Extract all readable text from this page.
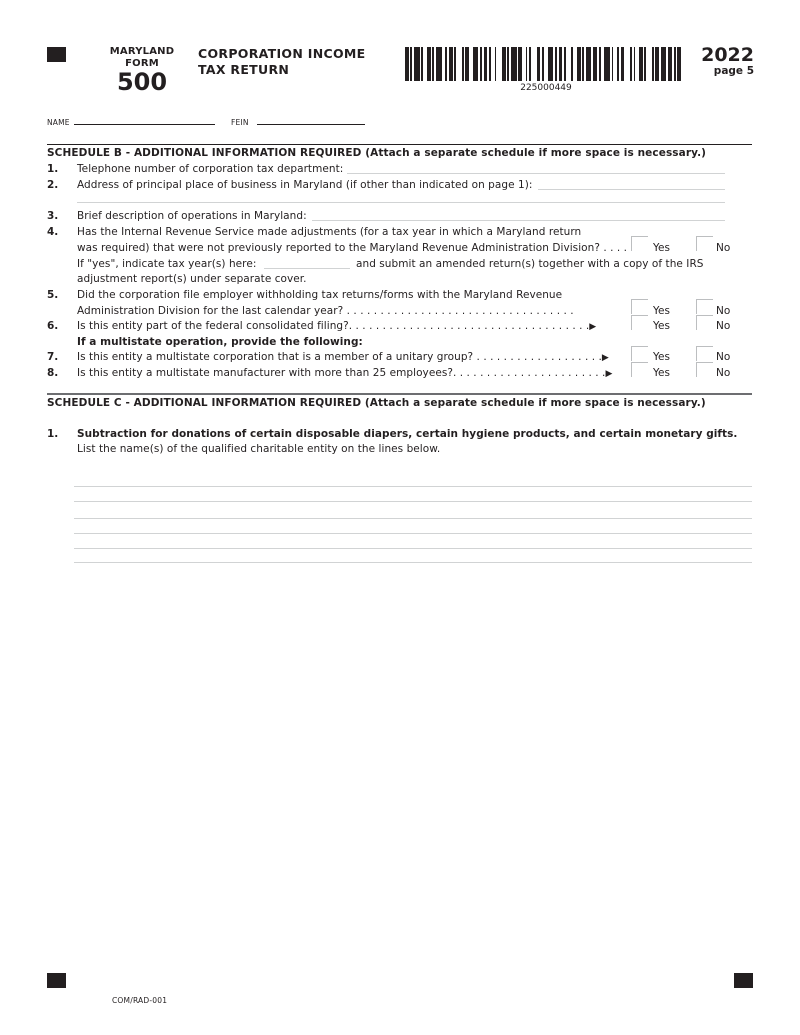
MARYLAND
FORM
500
CORPORATION INCOME
TAX RETURN
225000449
2022
page 5
NAME	FEIN
SCHEDULE B - ADDITIONAL INFORMATION REQUIRED (Attach a separate schedule if more space is necessary.)
1. Telephone number of corporation tax department:
2. Address of principal place of business in Maryland (if other than indicated on page 1):
3. Brief description of operations in Maryland:
4. Has the Internal Revenue Service made adjustments (for a tax year in which a Maryland return
was required) that were not previously reported to the Maryland Revenue Administration Division? . . . . Yes	No
If "yes", indicate tax year(s) here:	and submit an amended return(s) together with a copy of the IRS
adjustment report(s) under separate cover.
5. Did the corporation file employer withholding tax returns/forms with the Maryland Revenue
Administration Division for the last calendar year? . . . . . . . . . . . . . . . . . . . . . . . . . . . . . . . . . .	Yes	No
6. Is this entity part of the federal consolidated filing?. . . . . . . . . . . . . . . . . . . . . . . . . . . . . . . . . . . .▶	Yes	No
If a multistate operation, provide the following:
7. Is this entity a multistate corporation that is a member of a unitary group? . . . . . . . . . . . . . . . . . . .▶	Yes	No
8. Is this entity a multistate manufacturer with more than 25 employees?. . . . . . . . . . . . . . . . . . . . . . .▶	Yes	No
SCHEDULE C - ADDITIONAL INFORMATION REQUIRED (Attach a separate schedule if more space is necessary.)
1. Subtraction for donations of certain disposable diapers, certain hygiene products, and certain monetary gifts.
List the name(s) of the qualified charitable entity on the lines below.
COM/RAD-001
